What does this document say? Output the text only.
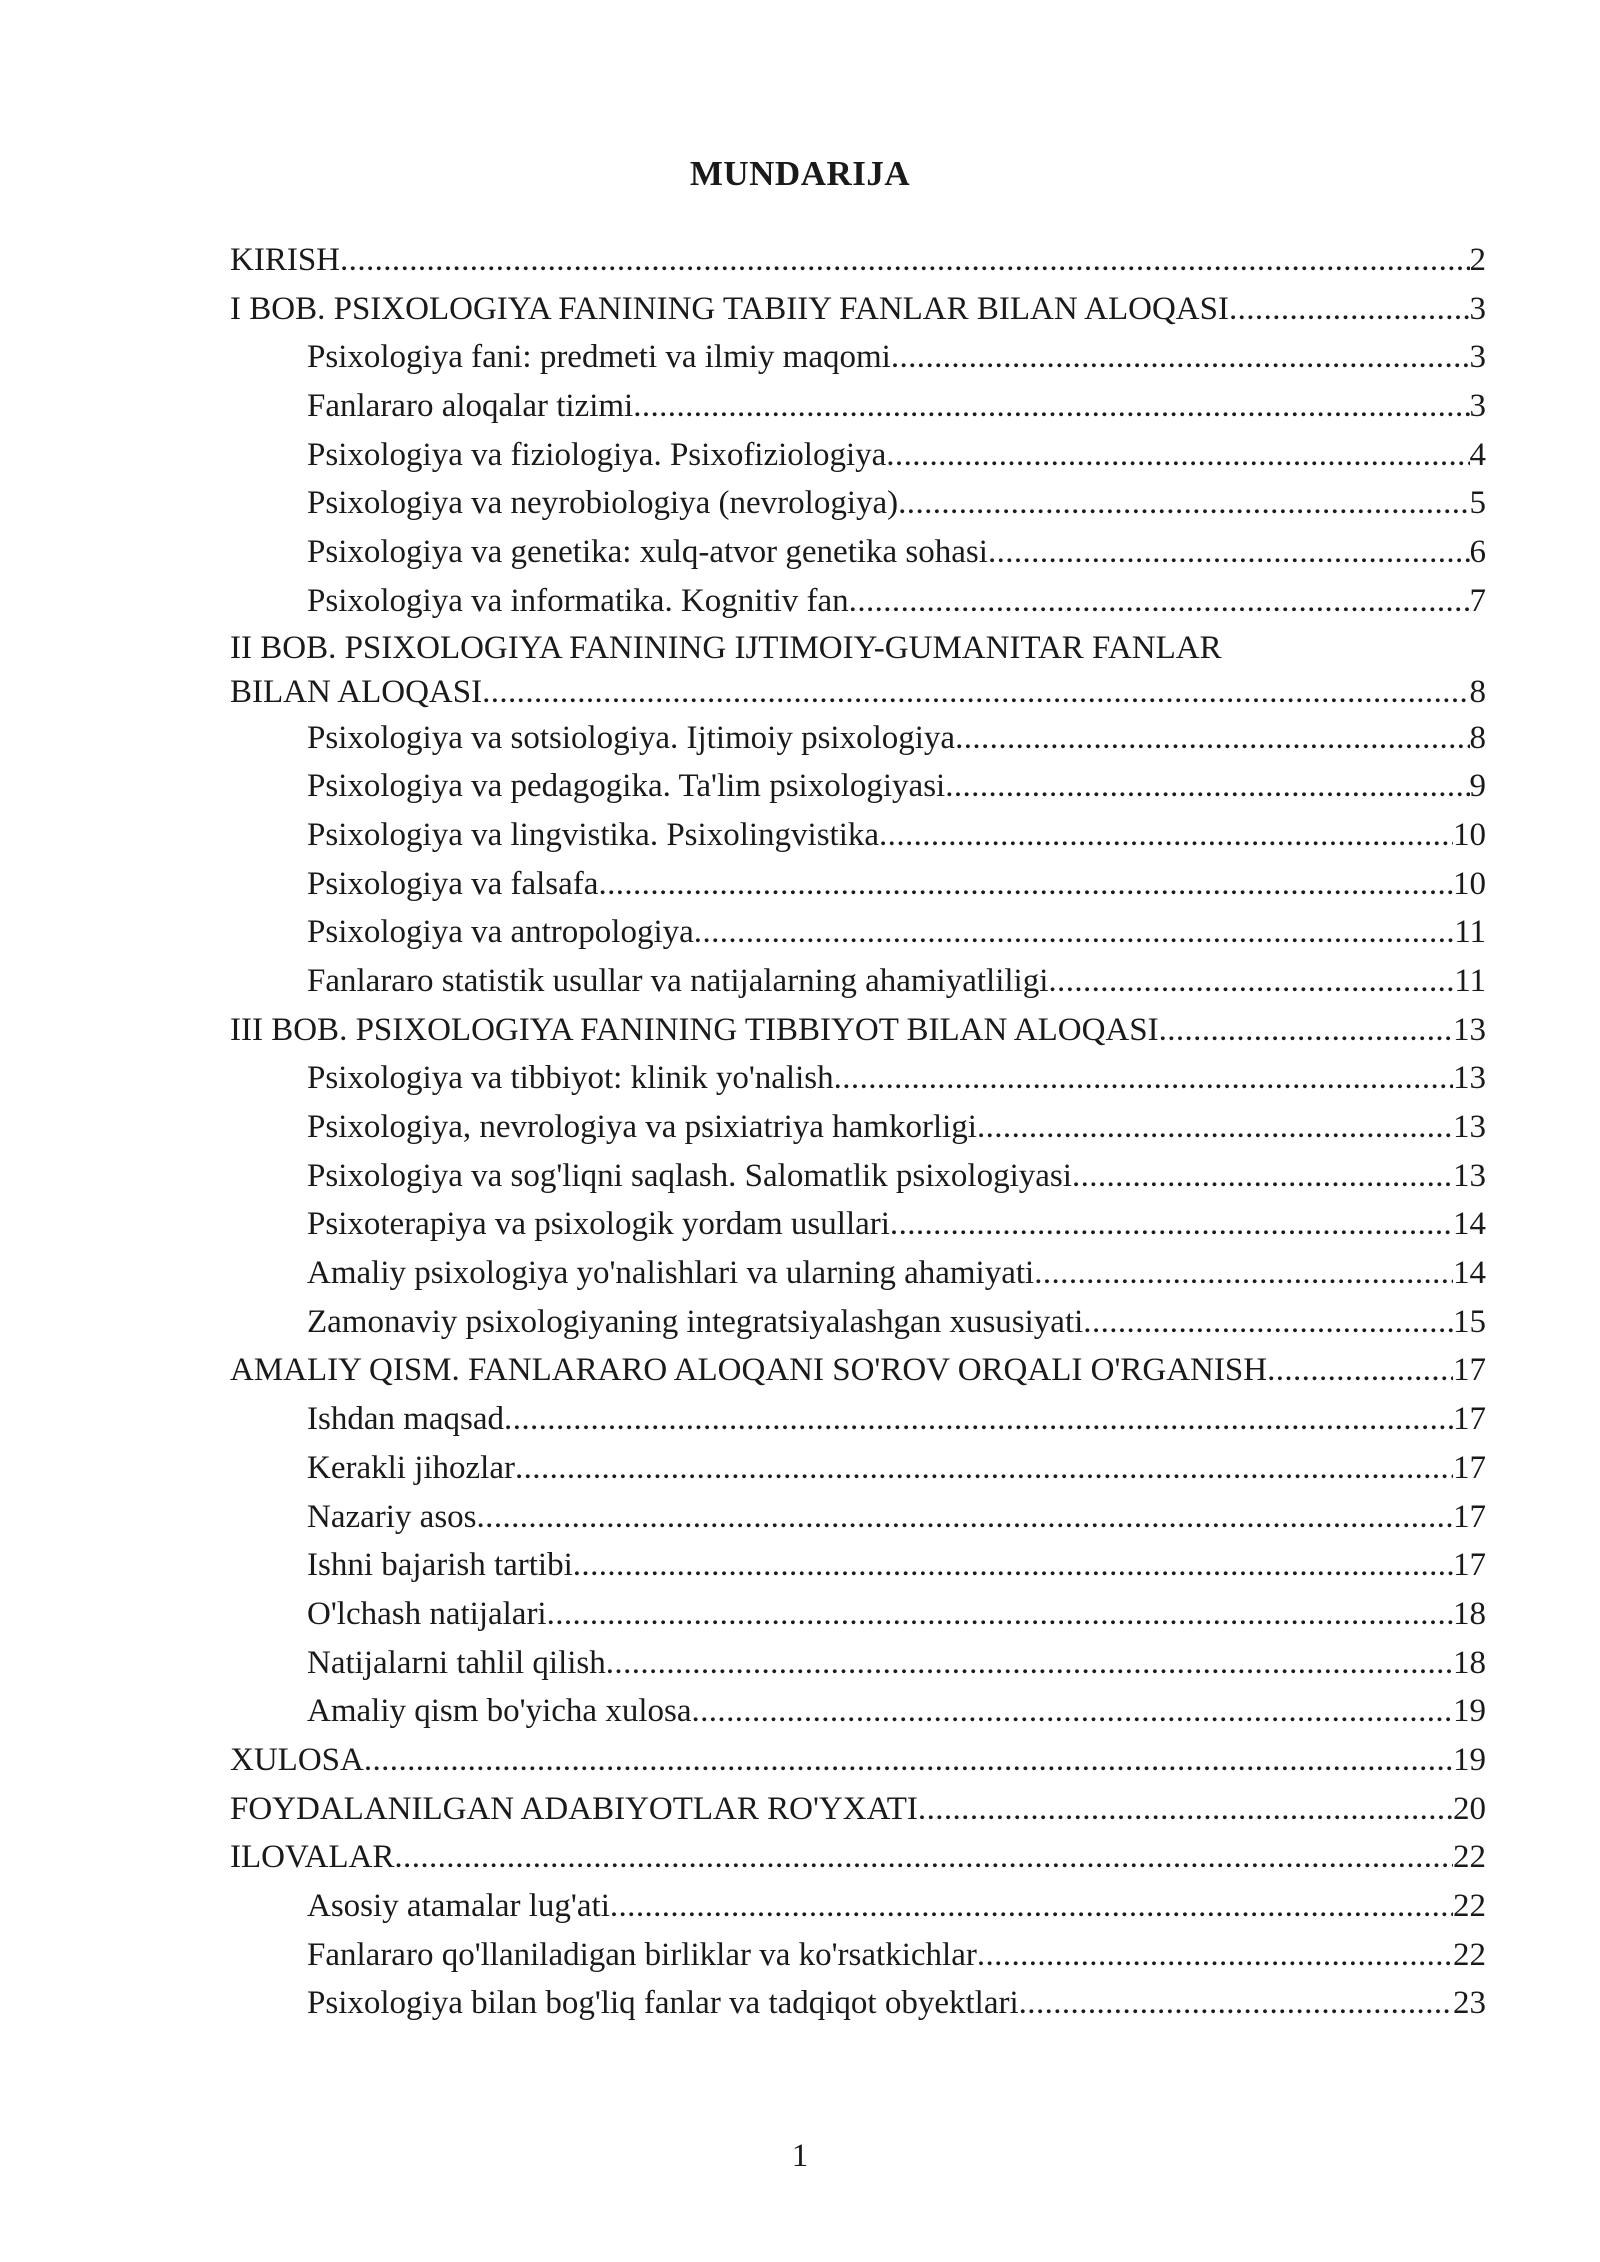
MUNDARIJA
KIRISH .....	2
I BOB. PSIXOLOGIYA FANINING TABIIY FANLAR BILAN ALOQASI .....	3
Psixologiya fani: predmeti va ilmiy maqomi .....	3
Fanlararo aloqalar tizimi .....	3
Psixologiya va fiziologiya. Psixofiziologiya .....	4
Psixologiya va neyrobiologiya (nevrologiya) .....	5
Psixologiya va genetika: xulq-atvor genetika sohasi .....	6
Psixologiya va informatika. Kognitiv fan .....	7
II BOB. PSIXOLOGIYA FANINING IJTIMOIY-GUMANITAR FANLAR
BILAN ALOQASI .....	8
Psixologiya va sotsiologiya. Ijtimoiy psixologiya .....	8
Psixologiya va pedagogika. Ta'lim psixologiyasi .....	9
Psixologiya va lingvistika. Psixolingvistika .....	10
Psixologiya va falsafa .....	10
Psixologiya va antropologiya .....	11
Fanlararo statistik usullar va natijalarning ahamiyatliligi .....	11
III BOB. PSIXOLOGIYA FANINING TIBBIYOT BILAN ALOQASI .....	13
Psixologiya va tibbiyot: klinik yo'nalish .....	13
Psixologiya, nevrologiya va psixiatriya hamkorligi .....	13
Psixologiya va sog'liqni saqlash. Salomatlik psixologiyasi .....	13
Psixoterapiya va psixologik yordam usullari .....	14
Amaliy psixologiya yo'nalishlari va ularning ahamiyati .....	14
Zamonaviy psixologiyaning integratsiyalashgan xususiyati .....	15
AMALIY QISM. FANLARARO ALOQANI SO'ROV ORQALI O'RGANISH .....	17
Ishdan maqsad .....	17
Kerakli jihozlar .....	17
Nazariy asos .....	17
Ishni bajarish tartibi .....	17
O'lchash natijalari .....	18
Natijalarni tahlil qilish .....	18
Amaliy qism bo'yicha xulosa .....	19
XULOSA .....	19
FOYDALANILGAN ADABIYOTLAR RO'YXATI .....	20
ILOVALAR .....	22
Asosiy atamalar lug'ati .....	22
Fanlararo qo'llaniladigan birliklar va ko'rsatkichlar .....	22
Psixologiya bilan bog'liq fanlar va tadqiqot obyektlari .....	23
1
